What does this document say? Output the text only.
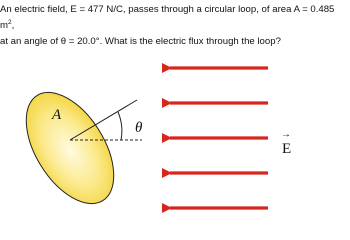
An electric field, E = 477 N/C, passes through a circular loop, of area A = 0.485 $m^2$,
at an angle of θ = 20.0°. What is the electric flux through the loop?

A
θ	→
E
